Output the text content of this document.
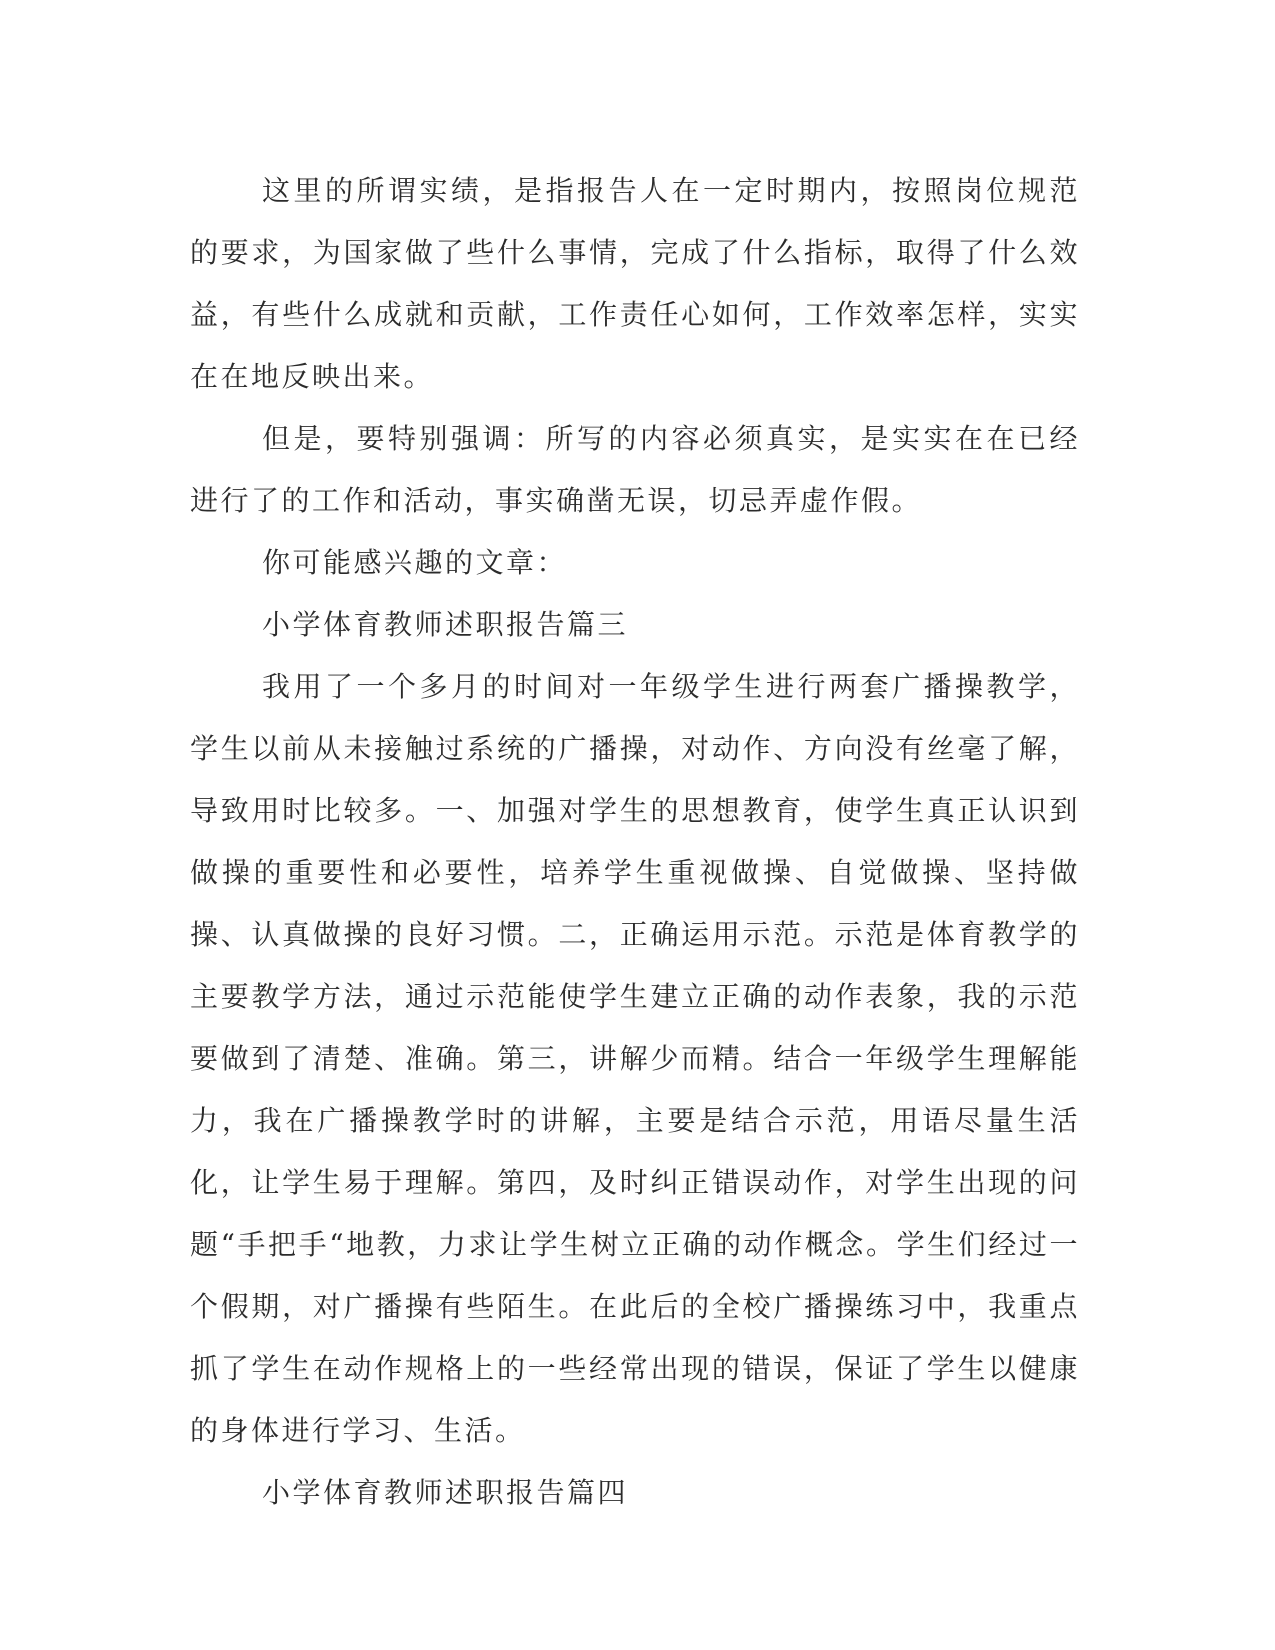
这里的所谓实绩，是指报告人在一定时期内，按照岗位规范的要求，为国家做了些什么事情，完成了什么指标，取得了什么效益，有些什么成就和贡献，工作责任心如何，工作效率怎样，实实在在地反映出来。

但是，要特别强调：所写的内容必须真实，是实实在在已经进行了的工作和活动，事实确凿无误，切忌弄虚作假。

你可能感兴趣的文章：

小学体育教师述职报告篇三

我用了一个多月的时间对一年级学生进行两套广播操教学，学生以前从未接触过系统的广播操，对动作、方向没有丝毫了解，导致用时比较多。一、加强对学生的思想教育，使学生真正认识到做操的重要性和必要性，培养学生重视做操、自觉做操、坚持做操、认真做操的良好习惯。二，正确运用示范。示范是体育教学的主要教学方法，通过示范能使学生建立正确的动作表象，我的示范要做到了清楚、准确。第三，讲解少而精。结合一年级学生理解能力，我在广播操教学时的讲解，主要是结合示范，用语尽量生活化，让学生易于理解。第四，及时纠正错误动作，对学生出现的问题“手把手“地教，力求让学生树立正确的动作概念。学生们经过一个假期，对广播操有些陌生。在此后的全校广播操练习中，我重点抓了学生在动作规格上的一些经常出现的错误，保证了学生以健康的身体进行学习、生活。

小学体育教师述职报告篇四
